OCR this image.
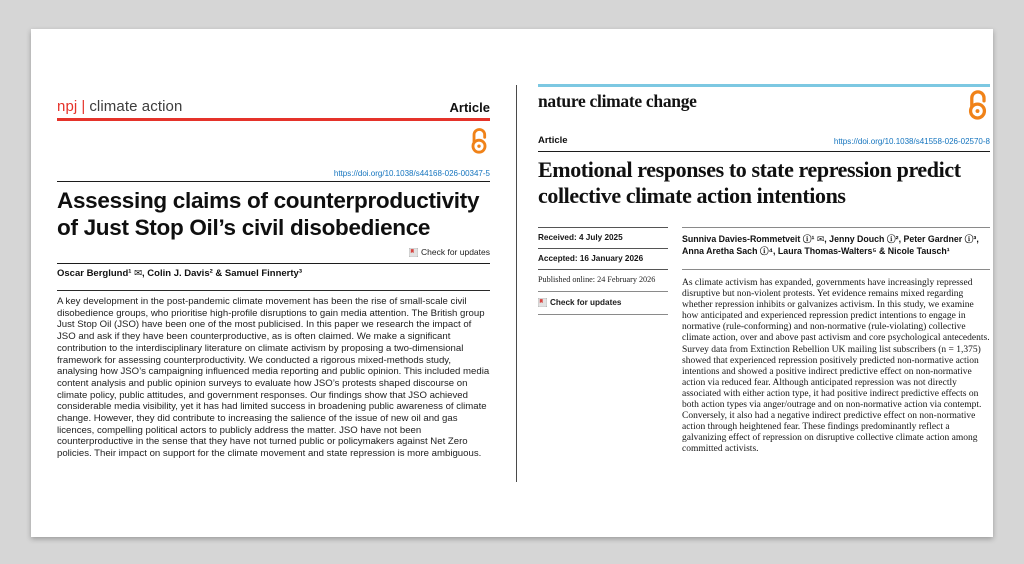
npj | climate action	Article
https://doi.org/10.1038/s44168-026-00347-5
Assessing claims of counterproductivity of Just Stop Oil’s civil disobedience
Check for updates
Oscar Berglund¹ ✉, Colin J. Davis² & Samuel Finnerty³

A key development in the post-pandemic climate movement has been the rise of small-scale civil disobedience groups, who prioritise high-profile disruptions to gain media attention. The British group Just Stop Oil (JSO) have been one of the most publicised. In this paper we research the impact of JSO and ask if they have been counterproductive, as is often claimed. We make a significant contribution to the interdisciplinary literature on climate activism by proposing a two-dimensional framework for assessing counterproductivity. We conducted a rigorous mixed-methods study, analysing how JSO’s campaigning influenced media reporting and public opinion. This included media content analysis and public opinion surveys to evaluate how JSO’s protests shaped discourse on climate policy, public attitudes, and government responses. Our findings show that JSO achieved considerable media visibility, yet it has had limited success in broadening public awareness of climate change. However, they did contribute to increasing the salience of the issue of new oil and gas licences, compelling political actors to publicly address the matter. JSO have not been counterproductive in the sense that they have not turned public or policymakers against Net Zero policies. Their impact on support for the climate movement and state repression is more ambiguous.

nature climate change
Article	https://doi.org/10.1038/s41558-026-02570-8
Emotional responses to state repression predict collective climate action intentions
Received: 4 July 2025
Accepted: 16 January 2026
Published online: 24 February 2026
Check for updates
Sunniva Davies-Rommetveit ⓘ¹ ✉, Jenny Douch ⓘ², Peter Gardner ⓘ³, Anna Aretha Sach ⓘ⁴, Laura Thomas-Walters⁵ & Nicole Tausch¹

As climate activism has expanded, governments have increasingly repressed disruptive but non-violent protests. Yet evidence remains mixed regarding whether repression inhibits or galvanizes activism. In this study, we examine how anticipated and experienced repression predict intentions to engage in normative (rule-conforming) and non-normative (rule-violating) collective climate action, over and above past activism and core psychological antecedents. Survey data from Extinction Rebellion UK mailing list subscribers (n = 1,375) showed that experienced repression positively predicted non-normative action intentions and showed a positive indirect predictive effect on non-normative action via reduced fear. Although anticipated repression was not directly associated with either action type, it had positive indirect predictive effects on both action types via anger/outrage and on non-normative action via contempt. Conversely, it also had a negative indirect predictive effect on non-normative action through heightened fear. These findings predominantly reflect a galvanizing effect of repression on disruptive collective climate action among committed activists.
